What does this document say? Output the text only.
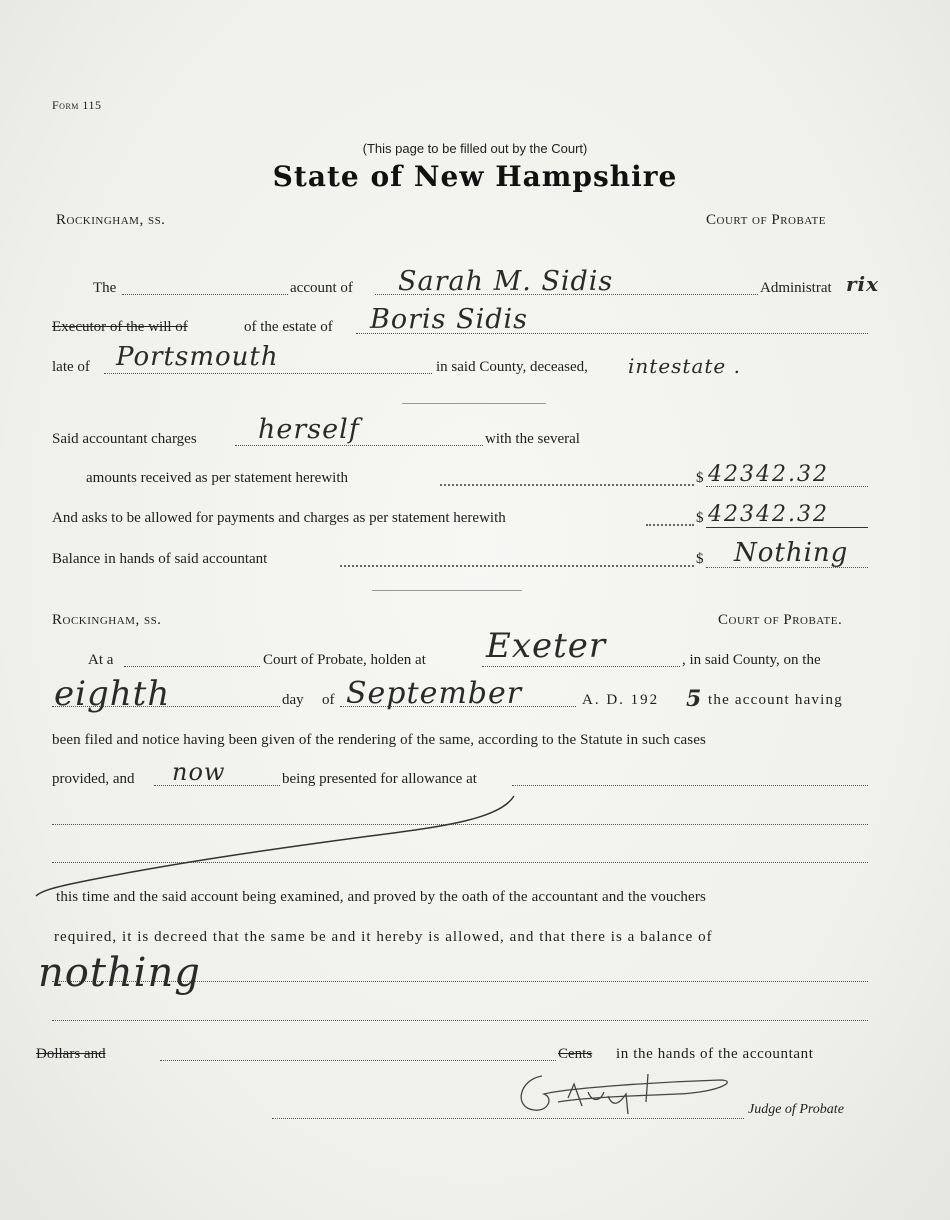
Form 115
(This page to be filled out by the Court)
State of New Hampshire
Rockingham, ss.	Court of Probate
The	account of Sarah M. Sidis	Administrat rix
Executor of the will of	of the estate of Boris Sidis
late of Portsmouth	in said County, deceased, intestate .
Said accountant charges herself	with the several
amounts received as per statement herewith	$ 42342.32
And asks to be allowed for payments and charges as per statement herewith	$ 42342.32
Balance in hands of said accountant	$ Nothing
Rockingham, ss.	Court of Probate.
At a	Court of Probate, holden at Exeter	, in said County, on the
eighth	day of September	A. D. 192 5 the account having
been filed and notice having been given of the rendering of the same, according to the Statute in such cases
provided, and now	being presented for allowance at
this time and the said account being examined, and proved by the oath of the accountant and the vouchers
required, it is decreed that the same be and it hereby is allowed, and that there is a balance of
nothing
Dollars and	Cents in the hands of the accountant
Judge of Probate
